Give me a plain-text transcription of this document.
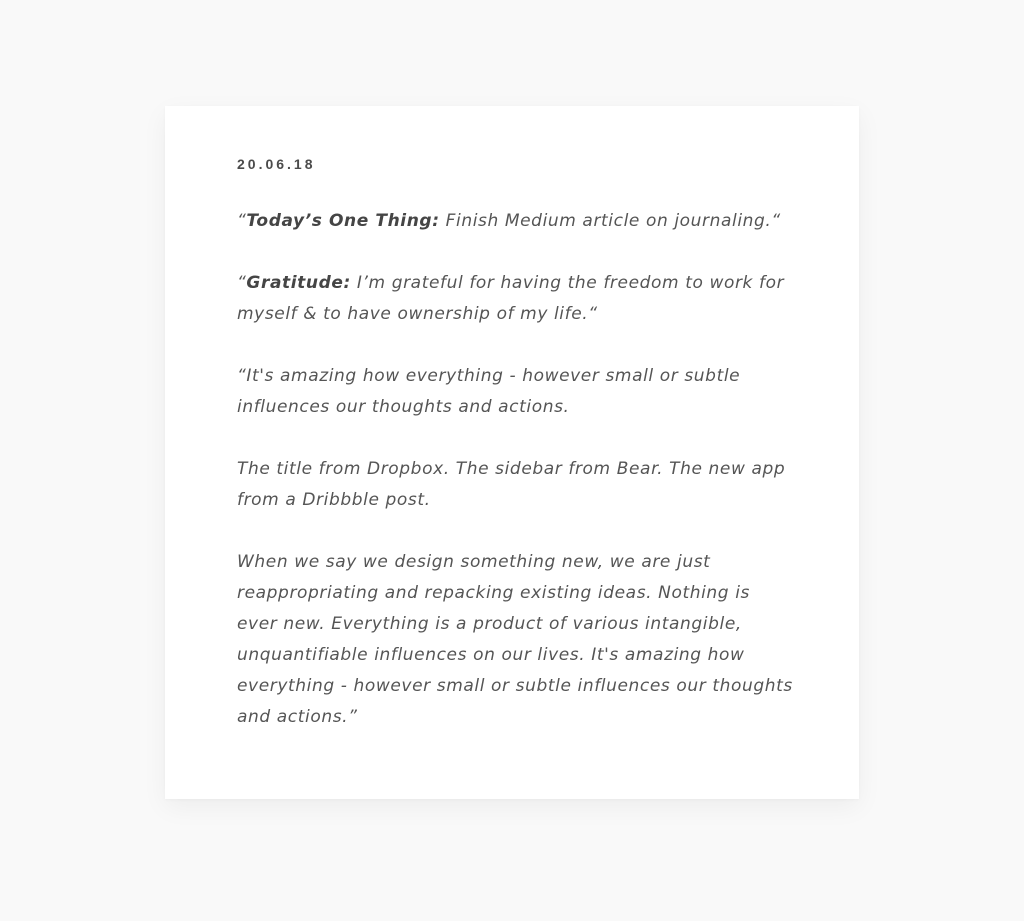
20.06.18

“Today’s One Thing: Finish Medium article on journaling.“

“Gratitude: I’m grateful for having the freedom to work for myself & to have ownership of my life.“

“It's amazing how everything - however small or subtle influences our thoughts and actions.

The title from Dropbox. The sidebar from Bear. The new app from a Dribbble post.

When we say we design something new, we are just reappropriating and repacking existing ideas. Nothing is ever new. Everything is a product of various intangible, unquantifiable influences on our lives. It's amazing how everything - however small or subtle influences our thoughts and actions.”
